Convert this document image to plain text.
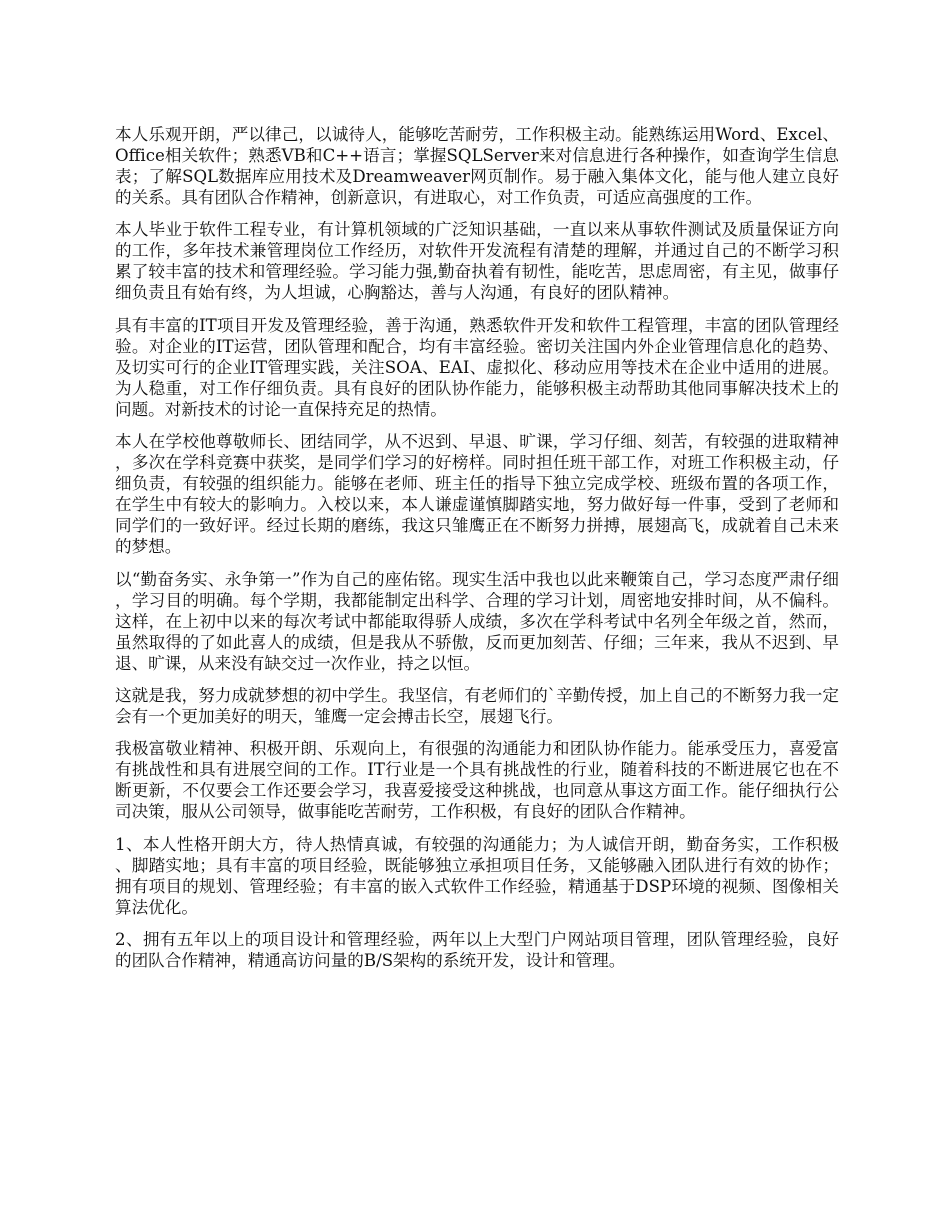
本人乐观开朗，严以律己，以诚待人，能够吃苦耐劳，工作积极主动。能熟练运用Word、Excel、Office相关软件；熟悉VB和C++语言；掌握SQLServer来对信息进行各种操作，如查询学生信息表；了解SQL数据库应用技术及Dreamweaver网页制作。易于融入集体文化，能与他人建立良好的关系。具有团队合作精神，创新意识，有进取心，对工作负责，可适应高强度的工作。

本人毕业于软件工程专业，有计算机领域的广泛知识基础，一直以来从事软件测试及质量保证方向的工作，多年技术兼管理岗位工作经历，对软件开发流程有清楚的理解，并通过自己的不断学习积累了较丰富的技术和管理经验。学习能力强,勤奋执着有韧性，能吃苦，思虑周密，有主见，做事仔细负责且有始有终，为人坦诚，心胸豁达，善与人沟通，有良好的团队精神。

具有丰富的IT项目开发及管理经验，善于沟通，熟悉软件开发和软件工程管理，丰富的团队管理经验。对企业的IT运营，团队管理和配合，均有丰富经验。密切关注国内外企业管理信息化的趋势、及切实可行的企业IT管理实践，关注SOA、EAI、虚拟化、移动应用等技术在企业中适用的进展。为人稳重，对工作仔细负责。具有良好的团队协作能力，能够积极主动帮助其他同事解决技术上的问题。对新技术的讨论一直保持充足的热情。

本人在学校他尊敬师长、团结同学，从不迟到、早退、旷课，学习仔细、刻苦，有较强的进取精神，多次在学科竞赛中获奖，是同学们学习的好榜样。同时担任班干部工作，对班工作积极主动，仔细负责，有较强的组织能力。能够在老师、班主任的指导下独立完成学校、班级布置的各项工作，在学生中有较大的影响力。入校以来，本人谦虚谨慎脚踏实地，努力做好每一件事，受到了老师和同学们的一致好评。经过长期的磨练，我这只雏鹰正在不断努力拼搏，展翅高飞，成就着自己未来的梦想。

以“勤奋务实、永争第一”作为自己的座佑铭。现实生活中我也以此来鞭策自己，学习态度严肃仔细，学习目的明确。每个学期，我都能制定出科学、合理的学习计划，周密地安排时间，从不偏科。这样，在上初中以来的每次考试中都能取得骄人成绩，多次在学科考试中名列全年级之首，然而，虽然取得的了如此喜人的成绩，但是我从不骄傲，反而更加刻苦、仔细；三年来，我从不迟到、早退、旷课，从来没有缺交过一次作业，持之以恒。

这就是我，努力成就梦想的初中学生。我坚信，有老师们的`辛勤传授，加上自己的不断努力我一定会有一个更加美好的明天，雏鹰一定会搏击长空，展翅飞行。

我极富敬业精神、积极开朗、乐观向上，有很强的沟通能力和团队协作能力。能承受压力，喜爱富有挑战性和具有进展空间的工作。IT行业是一个具有挑战性的行业，随着科技的不断进展它也在不断更新，不仅要会工作还要会学习，我喜爱接受这种挑战，也同意从事这方面工作。能仔细执行公司决策，服从公司领导，做事能吃苦耐劳，工作积极，有良好的团队合作精神。

1、本人性格开朗大方，待人热情真诚，有较强的沟通能力；为人诚信开朗，勤奋务实，工作积极、脚踏实地；具有丰富的项目经验，既能够独立承担项目任务，又能够融入团队进行有效的协作；拥有项目的规划、管理经验；有丰富的嵌入式软件工作经验，精通基于DSP环境的视频、图像相关算法优化。

2、拥有五年以上的项目设计和管理经验，两年以上大型门户网站项目管理，团队管理经验，良好的团队合作精神，精通高访问量的B/S架构的系统开发，设计和管理。
